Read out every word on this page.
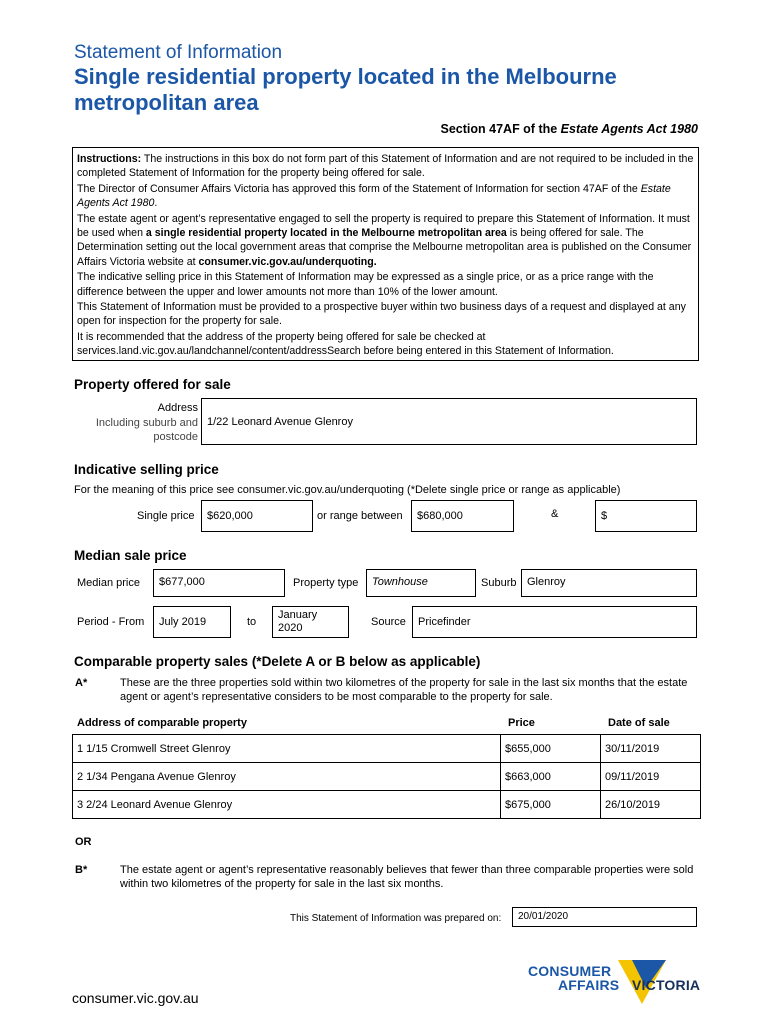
Statement of Information
Single residential property located in the Melbourne metropolitan area
Section 47AF of the Estate Agents Act 1980

Instructions: The instructions in this box do not form part of this Statement of Information and are not required to be included in the completed Statement of Information for the property being offered for sale.

The Director of Consumer Affairs Victoria has approved this form of the Statement of Information for section 47AF of the Estate Agents Act 1980.

The estate agent or agent’s representative engaged to sell the property is required to prepare this Statement of Information. It must be used when a single residential property located in the Melbourne metropolitan area is being offered for sale. The Determination setting out the local government areas that comprise the Melbourne metropolitan area is published on the Consumer Affairs Victoria website at consumer.vic.gov.au/underquoting.

The indicative selling price in this Statement of Information may be expressed as a single price, or as a price range with the difference between the upper and lower amounts not more than 10% of the lower amount.

This Statement of Information must be provided to a prospective buyer within two business days of a request and displayed at any open for inspection for the property for sale.

It is recommended that the address of the property being offered for sale be checked at services.land.vic.gov.au/landchannel/content/addressSearch before being entered in this Statement of Information.

Property offered for sale
Address
Including suburb and
postcode
1/22 Leonard Avenue Glenroy
Indicative selling price
For the meaning of this price see consumer.vic.gov.au/underquoting (*Delete single price or range as applicable)
Single price	$620,000	or range between	$680,000	&	$
Median sale price
Median price	$677,000	Property type	Townhouse	Suburb Glenroy
Period - From	July 2019	to
January
2020	Source	Pricefinder
Comparable property sales (*Delete A or B below as applicable)
A*	These are the three properties sold within two kilometres of the property for sale in the last six months that the estate agent or agent’s representative considers to be most comparable to the property for sale.
Address of comparable property	Price	Date of sale
1 1/15 Cromwell Street Glenroy	$655,000	30/11/2019
2 1/34 Pengana Avenue Glenroy	$663,000	09/11/2019
3 2/24 Leonard Avenue Glenroy	$675,000	26/10/2019
OR
B*	The estate agent or agent’s representative reasonably believes that fewer than three comparable properties were sold within two kilometres of the property for sale in the last six months.
This Statement of Information was prepared on:	20/01/2020
consumer.vic.gov.au
CONSUMER
AFFAIRS VICTORIA
